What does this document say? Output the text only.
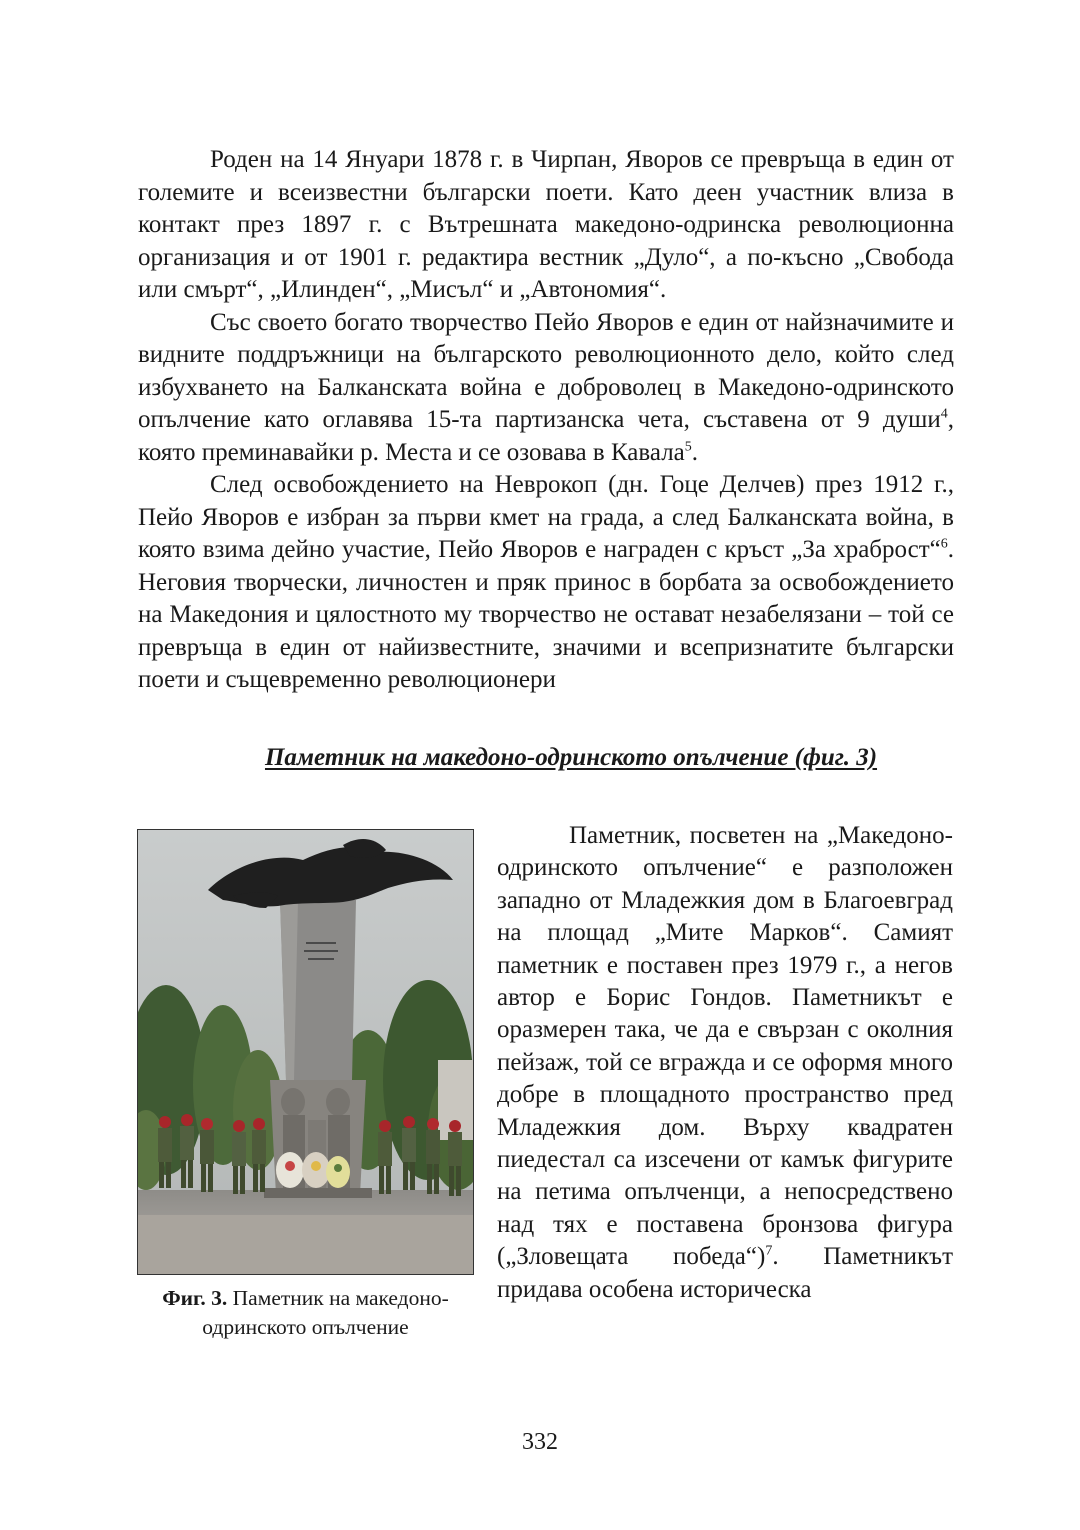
Роден на 14 Януари 1878 г. в Чирпан, Яворов се превръща в един от големите и всеизвестни български поети. Като деен участник влиза в контакт през 1897 г. с Вътрешната македоно-одринска революционна организация и от 1901 г. редактира вестник „Дуло“, а по-късно „Свобода или смърт“, „Илинден“, „Мисъл“ и „Автономия“.

Със своето богато творчество Пейо Яворов е един от найзначимите и видните поддръжници на българското революционното дело, който след избухването на Балканската война е доброволец в Македоно-одринското опълчение като оглавява 15-та партизанска чета, съставена от 9 души$^4$, която преминавайки р. Места и се озовава в Кавала$^5$.

След освобождението на Неврокоп (дн. Гоце Делчев) през 1912 г., Пейо Яворов е избран за първи кмет на града, а след Балканската война, в която взима дейно участие, Пейо Яворов е награден с кръст „За храброст“$^6$. Неговия творчески, личностен и пряк принос в борбата за освобождението на Македония и цялостното му творчество не остават незабелязани – той се превръща в един от найизвестните, значими и всепризнатите български поети и същевременно революционери

Паметник на македоно-одринското опълчение (фиг. 3)
Фиг. 3. Паметник на македоно-одринското опълчение

Паметник, посветен на „Македоно-одринското опълчение“ е разположен западно от Младежкия дом в Благоевград на площад „Мите Марков“. Самият паметник е поставен през 1979 г., а негов автор е Борис Гондов. Паметникът е оразмерен така, че да е свързан с околния пейзаж, той се вгражда и се оформя много добре в площадното пространство пред Младежкия дом. Върху квадратен пиедестал са изсечени от камък фигурите на петима опълченци, а непосредствено над тях е поставена бронзова фигура („Зловещата победа“)$^7$. Паметникът придава особена историческа

332
